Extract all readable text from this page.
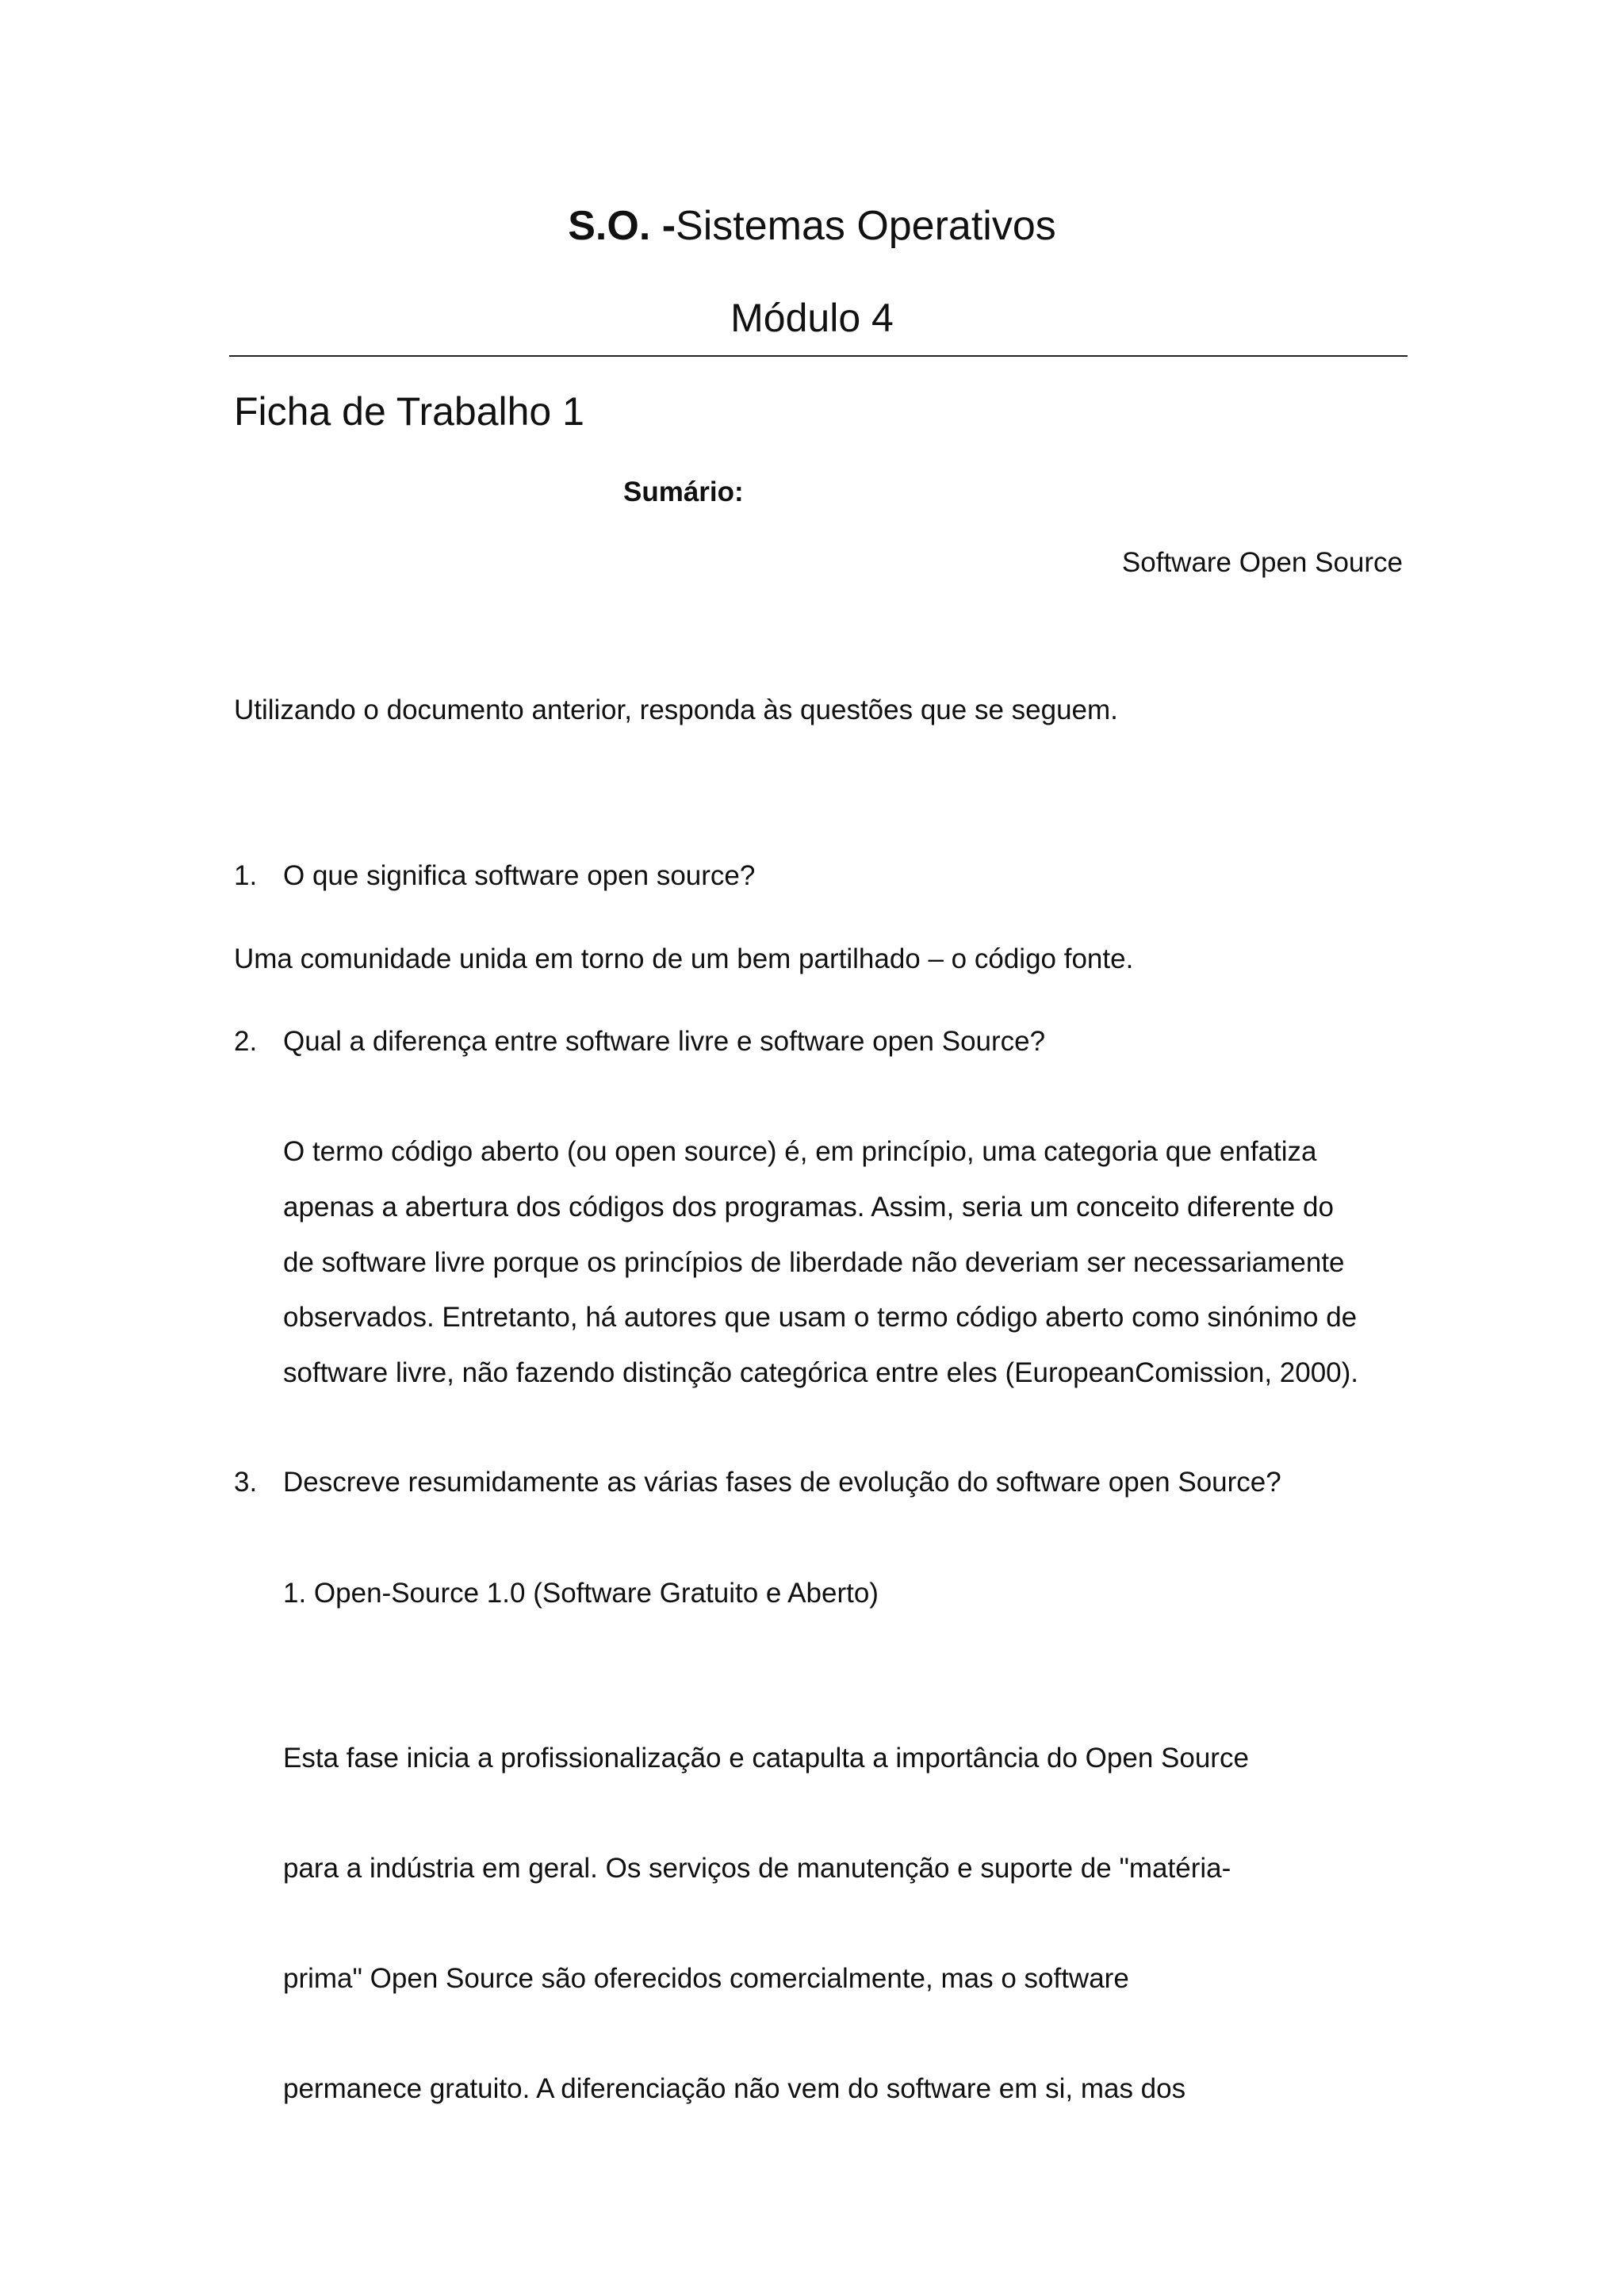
S.O. -Sistemas Operativos
Módulo 4
Ficha de Trabalho 1
Sumário:
Software Open Source
Utilizando o documento anterior, responda às questões que se seguem.
1. O que significa software open source?
Uma comunidade unida em torno de um bem partilhado – o código fonte.
2. Qual a diferença entre software livre e software open Source?
O termo código aberto (ou open source) é, em princípio, uma categoria que enfatiza
apenas a abertura dos códigos dos programas. Assim, seria um conceito diferente do
de software livre porque os princípios de liberdade não deveriam ser necessariamente
observados. Entretanto, há autores que usam o termo código aberto como sinónimo de
software livre, não fazendo distinção categórica entre eles (EuropeanComission, 2000).
3. Descreve resumidamente as várias fases de evolução do software open Source?
1. Open-Source 1.0 (Software Gratuito e Aberto)
Esta fase inicia a profissionalização e catapulta a importância do Open Source
para a indústria em geral. Os serviços de manutenção e suporte de "matéria-
prima" Open Source são oferecidos comercialmente, mas o software
permanece gratuito. A diferenciação não vem do software em si, mas dos
